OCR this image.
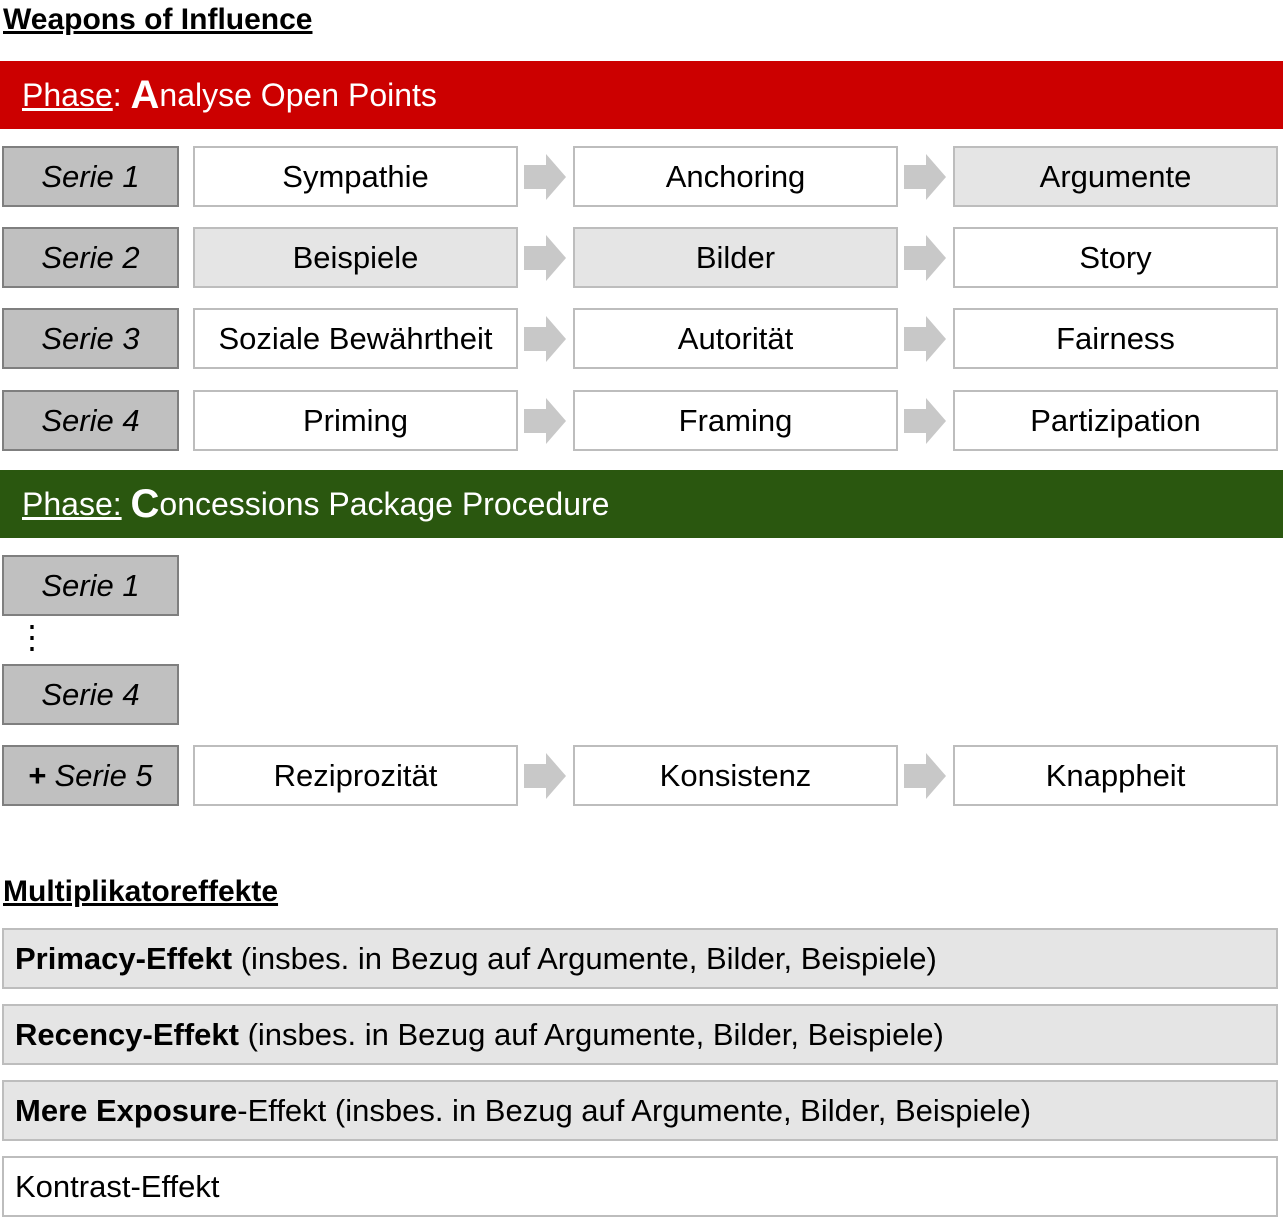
Weapons of Influence
Phase :
A nalyse Open Points
Serie 1	Sympathie	Anchoring	Argumente
Serie 2	Beispiele	Bilder	Story
Serie 3	Soziale Bewährtheit	Autorität	Fairness
Serie 4	Priming	Framing	Partizipation
Phase:
C oncessions Package Procedure
Serie 1
⋮
Serie 4
+ Serie 5	Reziprozität	Konsistenz	Knappheit
Multiplikatoreffekte
Primacy-Effekt (insbes. in Bezug auf Argumente, Bilder, Beispiele)
Recency-Effekt (insbes. in Bezug auf Argumente, Bilder, Beispiele)
Mere Exposure -Effekt (insbes. in Bezug auf Argumente, Bilder, Beispiele)
Kontrast-Effekt
